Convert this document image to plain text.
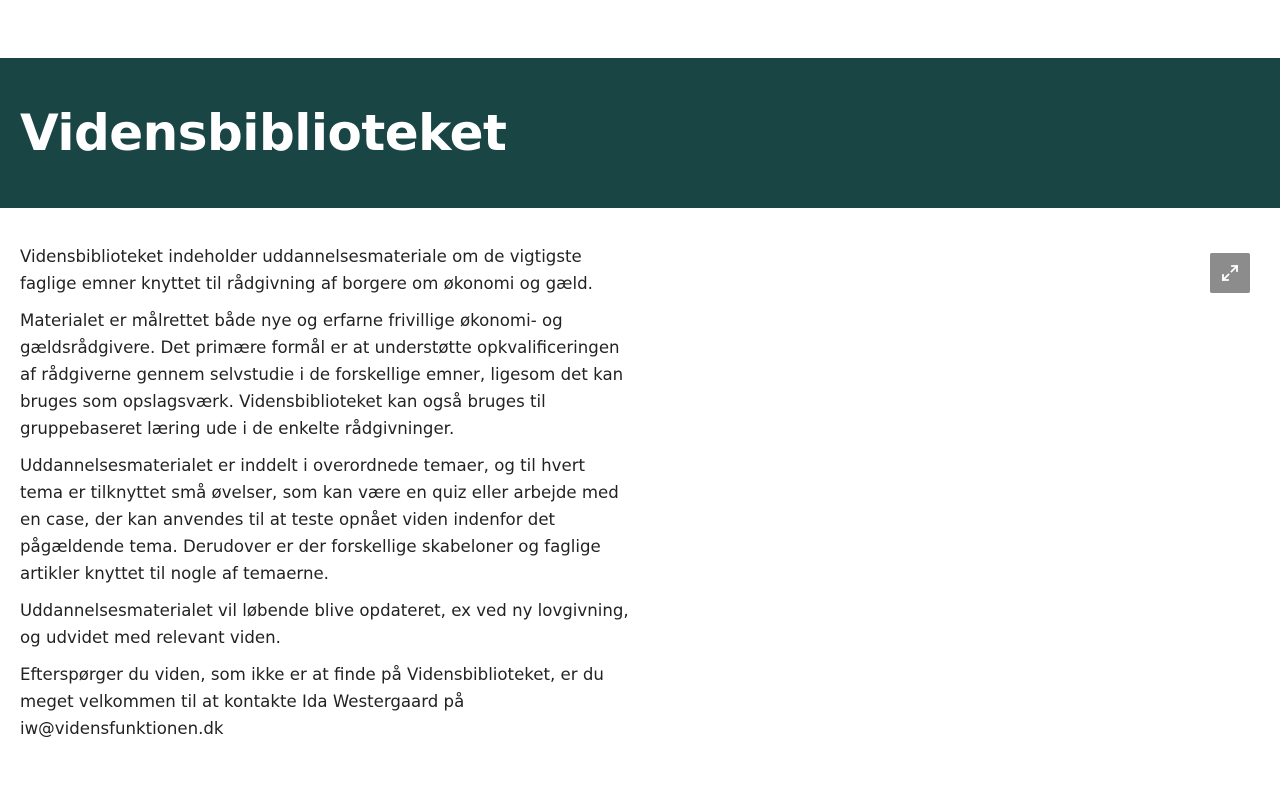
Vidensbiblioteket

Vidensbiblioteket indeholder uddannelsesmateriale om de vigtigste faglige emner knyttet til rådgivning af borgere om økonomi og gæld.

Materialet er målrettet både nye og erfarne frivillige økonomi- og gældsrådgivere. Det primære formål er at understøtte opkvalificeringen af rådgiverne gennem selvstudie i de forskellige emner, ligesom det kan bruges som opslagsværk. Vidensbiblioteket kan også bruges til gruppebaseret læring ude i de enkelte rådgivninger.

Uddannelsesmaterialet er inddelt i overordnede temaer, og til hvert tema er tilknyttet små øvelser, som kan være en quiz eller arbejde med en case, der kan anvendes til at teste opnået viden indenfor det pågældende tema. Derudover er der forskellige skabeloner og faglige artikler knyttet til nogle af temaerne.

Uddannelsesmaterialet vil løbende blive opdateret, ex ved ny lovgivning, og udvidet med relevant viden.

Efterspørger du viden, som ikke er at finde på Vidensbiblioteket, er du meget velkommen til at kontakte Ida Westergaard på iw@vidensfunktionen.dk
